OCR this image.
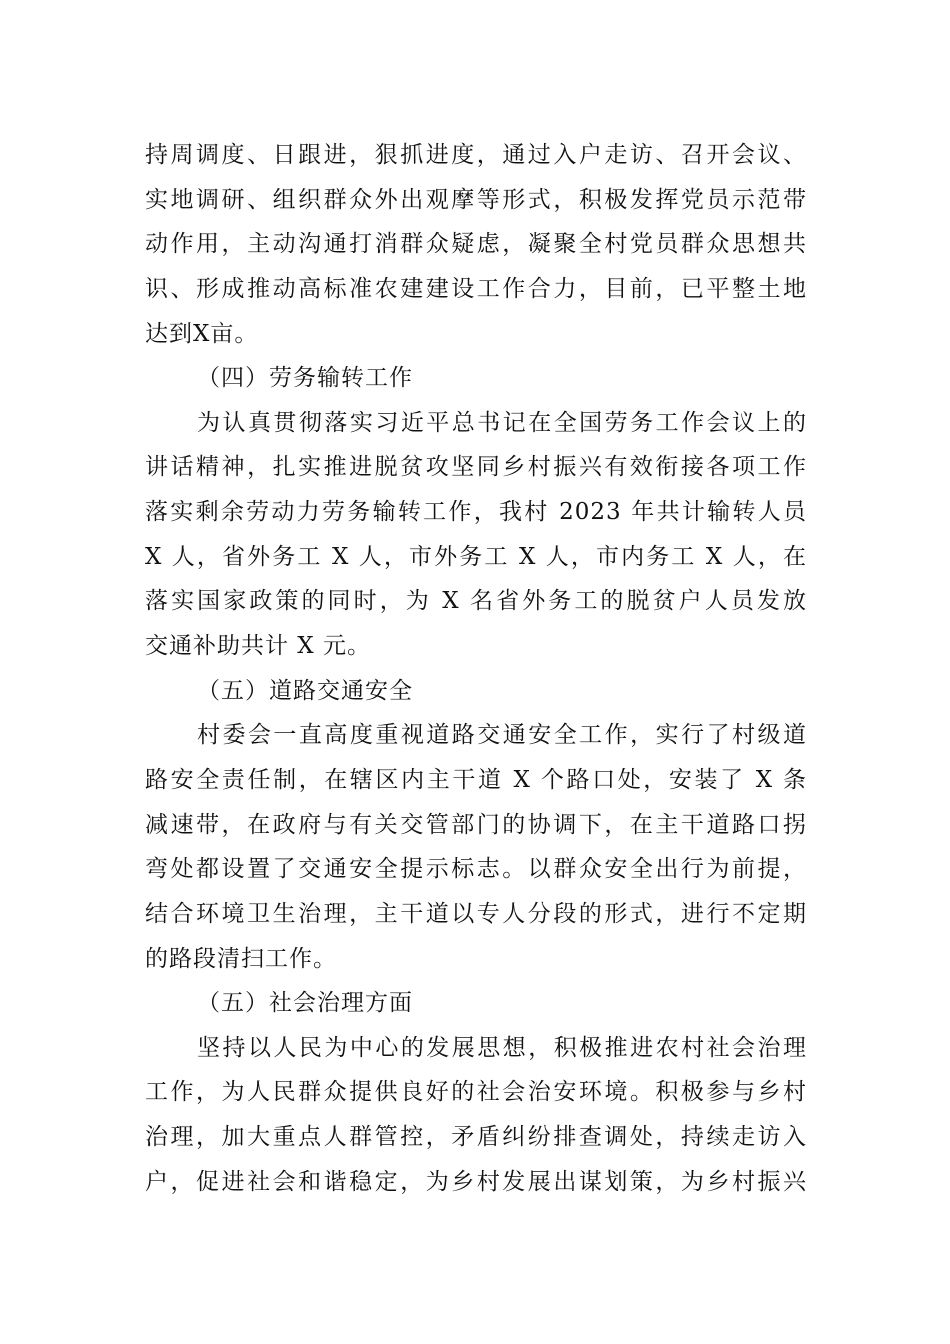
持周调度、日跟进，狠抓进度，通过入户走访、召开会议、
实地调研、组织群众外出观摩等形式，积极发挥党员示范带
动作用，主动沟通打消群众疑虑，凝聚全村党员群众思想共
识、形成推动高标准农建建设工作合力，目前，已平整土地
达到X亩。
（四）劳务输转工作
为认真贯彻落实习近平总书记在全国劳务工作会议上的
讲话精神，扎实推进脱贫攻坚同乡村振兴有效衔接各项工作
落实剩余劳动力劳务输转工作，我村 2023 年共计输转人员
X 人，省外务工 X 人，市外务工 X 人，市内务工 X 人，在
落实国家政策的同时，为 X 名省外务工的脱贫户人员发放
交通补助共计 X 元。
（五）道路交通安全
村委会一直高度重视道路交通安全工作，实行了村级道
路安全责任制，在辖区内主干道 X 个路口处，安装了 X 条
减速带，在政府与有关交管部门的协调下，在主干道路口拐
弯处都设置了交通安全提示标志。以群众安全出行为前提，
结合环境卫生治理，主干道以专人分段的形式，进行不定期
的路段清扫工作。
（五）社会治理方面
坚持以人民为中心的发展思想，积极推进农村社会治理
工作，为人民群众提供良好的社会治安环境。积极参与乡村
治理，加大重点人群管控，矛盾纠纷排查调处，持续走访入
户，促进社会和谐稳定，为乡村发展出谋划策，为乡村振兴
